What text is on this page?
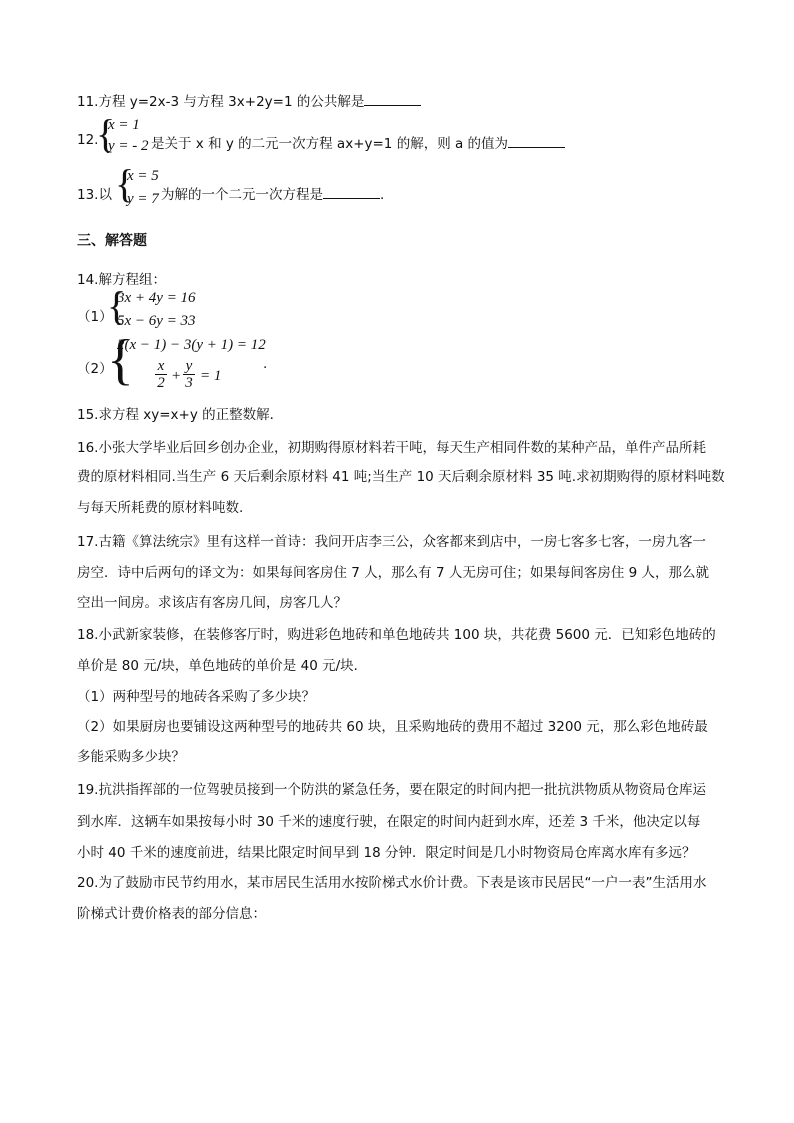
11.方程 y=2x-3 与方程 3x+2y=1 的公共解是
12.
{
x = 1
y = - 2 是关于 x 和 y 的二元一次方程 ax+y=1 的解，则 a 的值为
13.以 {
x = 5
y = 7 为解的一个二元一次方程是	.
三、解答题
14.解方程组：
（1）
{
3x + 4y = 16
5x − 6y = 33
（2）
{
2(x − 1) − 3(y + 1) = 12
x
2 +
y
3 = 1
.
15.求方程 xy=x+y 的正整数解．
16.小张大学毕业后回乡创办企业，初期购得原材料若干吨，每天生产相同件数的某种产品，单件产品所耗
费的原材料相同.当生产 6 天后剩余原材料 41 吨;当生产 10 天后剩余原材料 35 吨.求初期购得的原材料吨数
与每天所耗费的原材料吨数.
17.古籍《算法统宗》里有这样一首诗：我问开店李三公，众客都来到店中，一房七客多七客，一房九客一
房空．诗中后两句的译文为：如果每间客房住 7 人，那么有 7 人无房可住；如果每间客房住 9 人，那么就
空出一间房。求该店有客房几间，房客几人？
18.小武新家装修，在装修客厅时，购进彩色地砖和单色地砖共 100 块，共花费 5600 元．已知彩色地砖的
单价是 80 元/块，单色地砖的单价是 40 元/块．
（1）两种型号的地砖各采购了多少块？
（2）如果厨房也要铺设这两种型号的地砖共 60 块，且采购地砖的费用不超过 3200 元，那么彩色地砖最
多能采购多少块？
19.抗洪指挥部的一位驾驶员接到一个防洪的紧急任务，要在限定的时间内把一批抗洪物质从物资局仓库运
到水库．这辆车如果按每小时 30 千米的速度行驶，在限定的时间内赶到水库，还差 3 千米，他决定以每
小时 40 千米的速度前进，结果比限定时间早到 18 分钟．限定时间是几小时物资局仓库离水库有多远？
20.为了鼓励市民节约用水，某市居民生活用水按阶梯式水价计费。下表是该市民居民“一户一表”生活用水
阶梯式计费价格表的部分信息：
